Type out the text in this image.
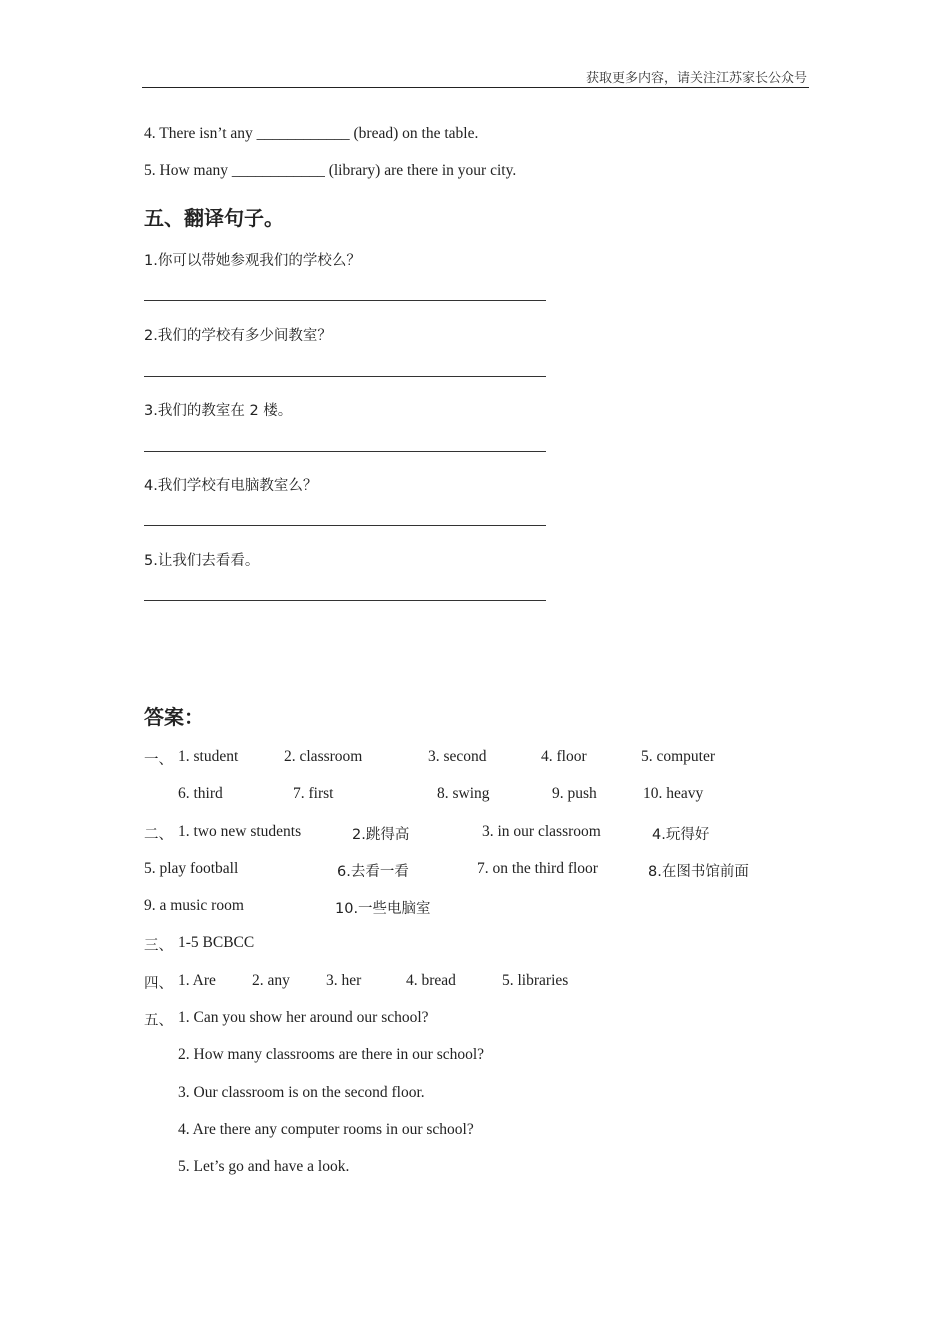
获取更多内容，请关注江苏家长公众号
4. There isn’t any ____________ (bread) on the table.
5. How many ____________ (library) are there in your city.
五、翻译句子。
1.你可以带她参观我们的学校么？
2.我们的学校有多少间教室？
3.我们的教室在 2 楼。
4.我们学校有电脑教室么？
5.让我们去看看。
答案：
一、 1. student	2. classroom	3. second	4. floor	5. computer
6. third	7. first	8. swing	9. push	10. heavy
二、 1. two new students	2.跳得高	3. in our classroom	4.玩得好
5. play football	6.去看一看	7. on the third floor	8.在图书馆前面
9. a music room	10.一些电脑室
三、 1-5 BCBCC
四、 1. Are 2. any 3. her	4. bread	5. libraries
五、 1. Can you show her around our school?
2. How many classrooms are there in our school?
3. Our classroom is on the second floor.
4. Are there any computer rooms in our school?
5. Let’s go and have a look.
